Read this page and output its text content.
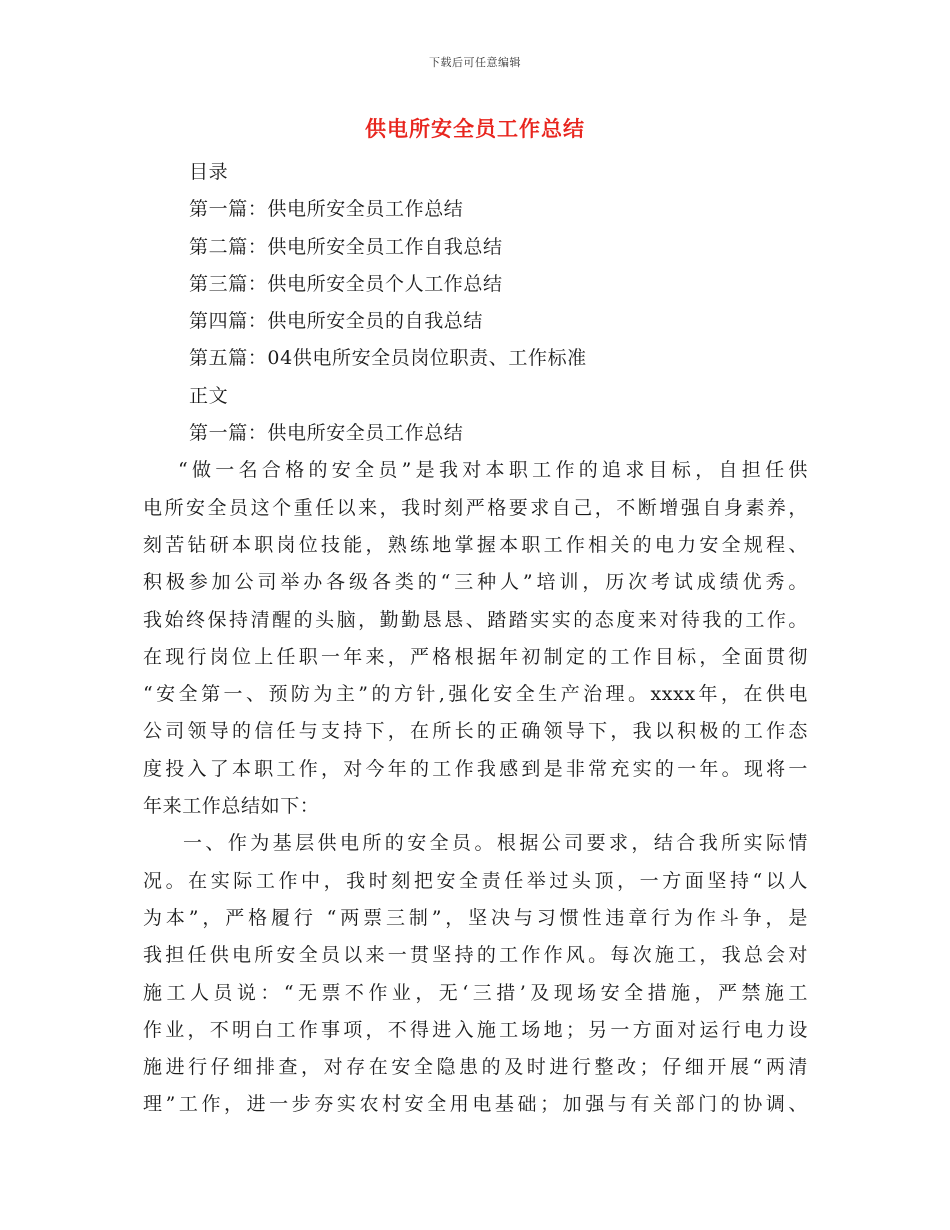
下载后可任意编辑
供电所安全员工作总结
目录
第一篇：供电所安全员工作总结
第二篇：供电所安全员工作自我总结
第三篇：供电所安全员个人工作总结
第四篇：供电所安全员的自我总结
第五篇：04供电所安全员岗位职责、工作标准
正文
第一篇：供电所安全员工作总结
“做一名合格的安全员”是我对本职工作的追求目标，自担任供
电所安全员这个重任以来，我时刻严格要求自己，不断增强自身素养，
刻苦钻研本职岗位技能，熟练地掌握本职工作相关的电力安全规程、
积极参加公司举办各级各类的“三种人”培训，历次考试成绩优秀。
我始终保持清醒的头脑，勤勤恳恳、踏踏实实的态度来对待我的工作。
在现行岗位上任职一年来，严格根据年初制定的工作目标，全面贯彻
“安全第一、预防为主”的方针,强化安全生产治理。xxxx年，在供电
公司领导的信任与支持下，在所长的正确领导下，我以积极的工作态
度投入了本职工作，对今年的工作我感到是非常充实的一年。现将一
年来工作总结如下：
一、作为基层供电所的安全员。根据公司要求，结合我所实际情
况。在实际工作中，我时刻把安全责任举过头顶，一方面坚持“以人
为本”，严格履行 “两票三制”，坚决与习惯性违章行为作斗争，是
我担任供电所安全员以来一贯坚持的工作作风。每次施工，我总会对
施工人员说：“无票不作业，无‘三措’及现场安全措施，严禁施工
作业，不明白工作事项，不得进入施工场地；另一方面对运行电力设
施进行仔细排查，对存在安全隐患的及时进行整改；仔细开展“两清
理”工作，进一步夯实农村安全用电基础；加强与有关部门的协调、
